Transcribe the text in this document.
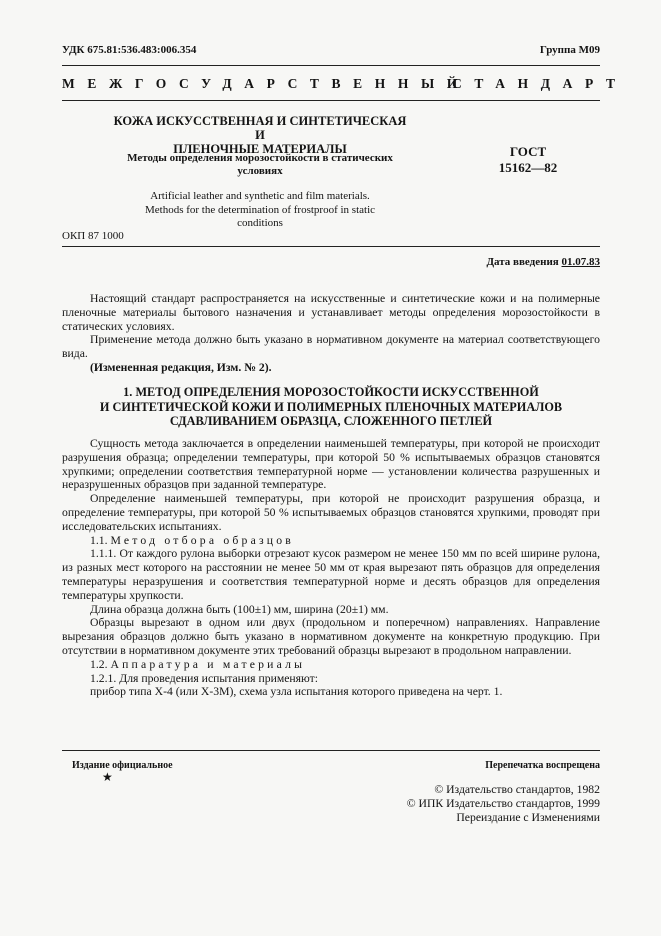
УДК 675.81:536.483:006.354	Группа М09
МЕЖГОСУДАРСТВЕННЫЙ
СТАНДАРТ
КОЖА ИСКУССТВЕННАЯ И СИНТЕТИЧЕСКАЯ И
ПЛЕНОЧНЫЕ МАТЕРИАЛЫ
Методы определения морозостойкости в статических
условиях
Artificial leather and synthetic and film materials.
Methods for the determination of frostproof in static
conditions
ГОСТ
15162—82
ОКП 87 1000
Дата введения 01.07.83

Настоящий стандарт распространяется на искусственные и синтетические кожи и на полимерные пленочные материалы бытового назначения и устанавливает методы определения морозостойкости в статических условиях.

Применение метода должно быть указано в нормативном документе на материал соответствующего вида.

(Измененная редакция, Изм. № 2).

1. МЕТОД ОПРЕДЕЛЕНИЯ МОРОЗОСТОЙКОСТИ ИСКУССТВЕННОЙ
И СИНТЕТИЧЕСКОЙ КОЖИ И ПОЛИМЕРНЫХ ПЛЕНОЧНЫХ МАТЕРИАЛОВ
СДАВЛИВАНИЕМ ОБРАЗЦА, СЛОЖЕННОГО ПЕТЛЕЙ

Сущность метода заключается в определении наименьшей температуры, при которой не происходит разрушения образца; определении температуры, при которой 50 % испытываемых образцов становятся хрупкими; определении соответствия температурной норме — установлении количества разрушенных и неразрушенных образцов при заданной температуре.

Определение наименьшей температуры, при которой не происходит разрушения образца, и определение температуры, при которой 50 % испытываемых образцов становятся хрупкими, проводят при исследовательских испытаниях.

1.1. Метод отбора образцов

1.1.1. От каждого рулона выборки отрезают кусок размером не менее 150 мм по всей ширине рулона, из разных мест которого на расстоянии не менее 50 мм от края вырезают пять образцов для определения температуры неразрушения и соответствия температурной норме и десять образцов для определения температуры хрупкости.

Длина образца должна быть (100±1) мм, ширина (20±1) мм.

Образцы вырезают в одном или двух (продольном и поперечном) направлениях. Направление вырезания образцов должно быть указано в нормативном документе на конкретную продукцию. При отсутствии в нормативном документе этих требований образцы вырезают в продольном направлении.

1.2. Аппаратура и материалы

1.2.1. Для проведения испытания применяют:

прибор типа Х-4 (или Х-3М), схема узла испытания которого приведена на черт. 1.

Издание официальное	Перепечатка воспрещена
★
© Издательство стандартов, 1982
© ИПК Издательство стандартов, 1999
Переиздание с Изменениями
